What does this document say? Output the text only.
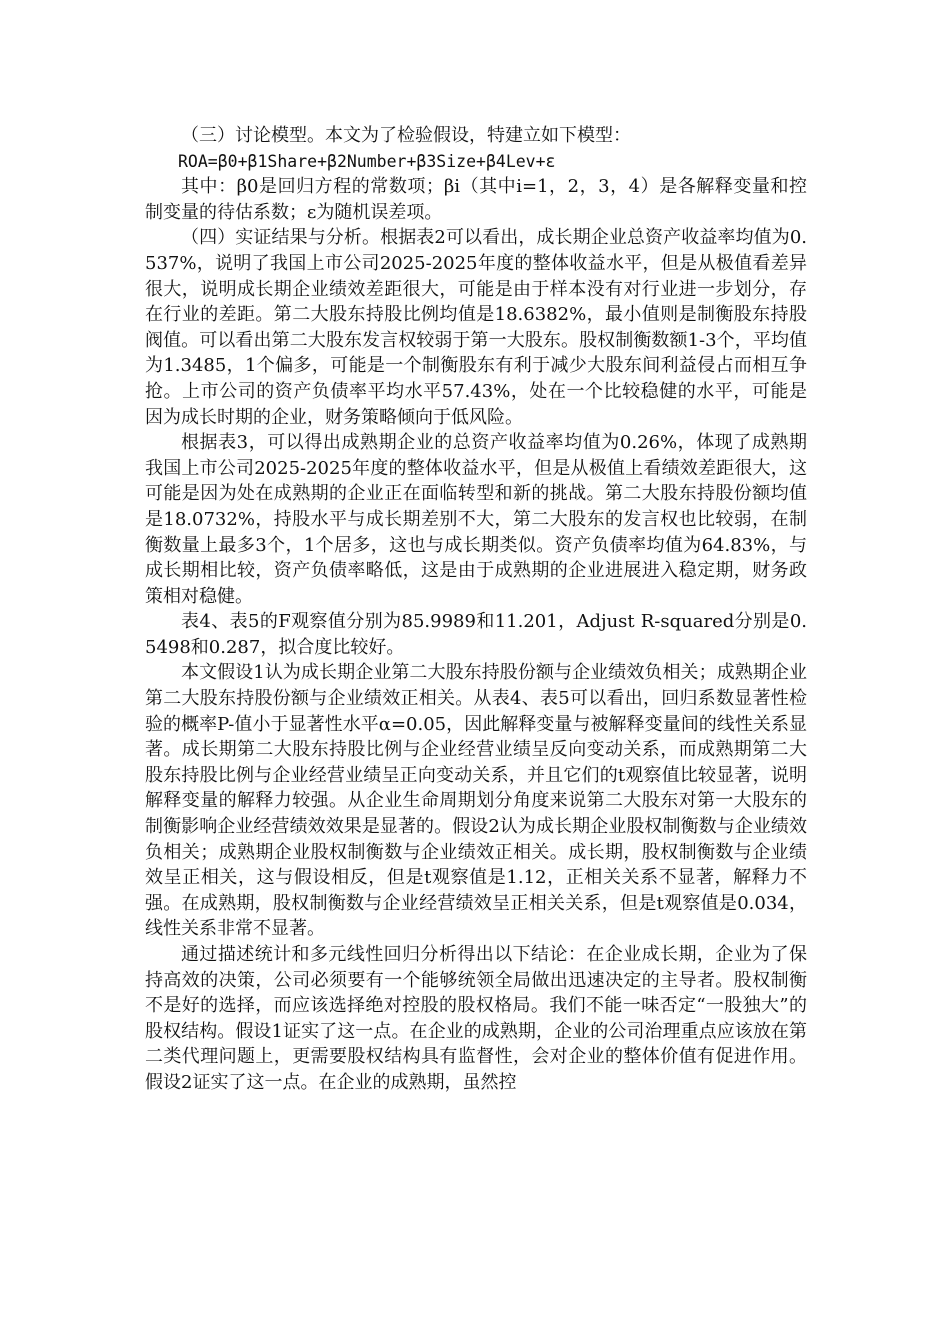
（三）讨论模型。本文为了检验假设，特建立如下模型：

ROA=β0+β1Share+β2Number+β3Size+β4Lev+ε

其中：β0是回归方程的常数项；βi（其中i=1，2，3，4）是各解释变量和控制变量的待估系数；ε为随机误差项。

（四）实证结果与分析。根据表2可以看出，成长期企业总资产收益率均值为0.537%，说明了我国上市公司2025-2025年度的整体收益水平，但是从极值看差异很大，说明成长期企业绩效差距很大，可能是由于样本没有对行业进一步划分，存在行业的差距。第二大股东持股比例均值是18.6382%，最小值则是制衡股东持股阀值。可以看出第二大股东发言权较弱于第一大股东。股权制衡数额1-3个，平均值为1.3485，1个偏多，可能是一个制衡股东有利于减少大股东间利益侵占而相互争抢。上市公司的资产负债率平均水平57.43%，处在一个比较稳健的水平，可能是因为成长时期的企业，财务策略倾向于低风险。

根据表3，可以得出成熟期企业的总资产收益率均值为0.26%，体现了成熟期我国上市公司2025-2025年度的整体收益水平，但是从极值上看绩效差距很大，这可能是因为处在成熟期的企业正在面临转型和新的挑战。第二大股东持股份额均值是18.0732%，持股水平与成长期差别不大，第二大股东的发言权也比较弱，在制衡数量上最多3个，1个居多，这也与成长期类似。资产负债率均值为64.83%，与成长期相比较，资产负债率略低，这是由于成熟期的企业进展进入稳定期，财务政策相对稳健。

表4、表5的F观察值分别为85.9989和11.201，Adjust R-squared分别是0.5498和0.287，拟合度比较好。

本文假设1认为成长期企业第二大股东持股份额与企业绩效负相关；成熟期企业第二大股东持股份额与企业绩效正相关。从表4、表5可以看出，回归系数显著性检验的概率P-值小于显著性水平α=0.05，因此解释变量与被解释变量间的线性关系显著。成长期第二大股东持股比例与企业经营业绩呈反向变动关系，而成熟期第二大股东持股比例与企业经营业绩呈正向变动关系，并且它们的t观察值比较显著，说明解释变量的解释力较强。从企业生命周期划分角度来说第二大股东对第一大股东的制衡影响企业经营绩效效果是显著的。假设2认为成长期企业股权制衡数与企业绩效负相关；成熟期企业股权制衡数与企业绩效正相关。成长期，股权制衡数与企业绩效呈正相关，这与假设相反，但是t观察值是1.12，正相关关系不显著，解释力不强。在成熟期，股权制衡数与企业经营绩效呈正相关关系，但是t观察值是0.034，线性关系非常不显著。

通过描述统计和多元线性回归分析得出以下结论：在企业成长期，企业为了保持高效的决策，公司必须要有一个能够统领全局做出迅速决定的主导者。股权制衡不是好的选择，而应该选择绝对控股的股权格局。我们不能一味否定“一股独大”的股权结构。假设1证实了这一点。在企业的成熟期，企业的公司治理重点应该放在第二类代理问题上，更需要股权结构具有监督性，会对企业的整体价值有促进作用。假设2证实了这一点。在企业的成熟期，虽然控
